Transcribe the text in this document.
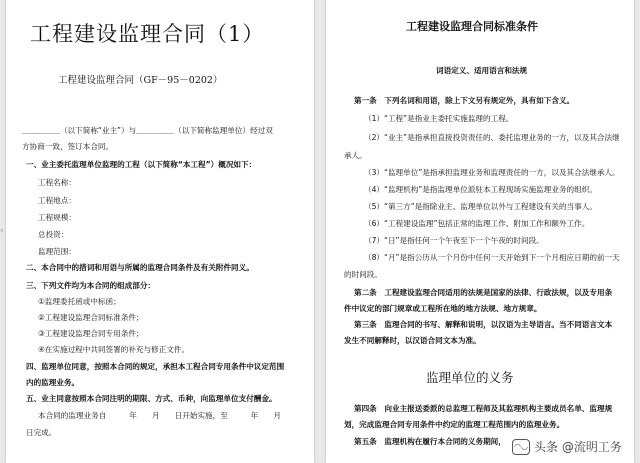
‹
工程建设监理合同（1）
工程建设监理合同（GF－95－0202）
＿＿＿＿＿（以下简称“业主”）与＿＿＿＿＿（以下简称监理单位）经过双
方协商一致，签订本合同。
一、业主委托监理单位监理的工程（以下简称“本工程”）概况如下：
工程名称：
工程地点：
工程规模：
总投资：
监理范围：
二、本合同中的措词和用语与所属的监理合同条件及有关附件同义。
三、下列文件均为本合同的组成部分：
①监理委托函或中标函；
②工程建设监理合同标准条件；
③工程建设监理合同专用条件；
④在实施过程中共同签署的补充与修正文件。
四、监理单位同意，按照本合同的规定，承担本工程合同专用条件中议定范围
内的监理业务。
五、业主同意按照本合同注明的期限、方式、币种，向监理单位支付酬金。
本合同的监理业务自　　　年　　月　　日开始实施，至　　　年　　月
日完成。
工程建设监理合同标准条件
词语定义、适用语言和法规
第一条　下列名词和用语，除上下文另有规定外，具有如下含义。
（1）“工程”是指业主委托实施监理的工程。
（2）“业主”是指承担直接投资责任的、委托监理业务的一方，以及其合法继
承人。
（3）“监理单位”是指承担监理业务和监理责任的一方，以及其合法继承人。
（4）“监理机构”是指监理单位派驻本工程现场实施监理业务的组织。
（5）“第三方”是指除业主、监理单位以外与工程建设有关的当事人。
（6）“工程建设监理”包括正常的监理工作、附加工作和额外工作。
（7）“日”是指任何一个午夜至下一个午夜的时间段。
（8）“月”是指公历从一个月份中任何一天开始到下一个月相应日期的前一天
的时间段。
第二条　工程建设监理合同适用的法规是国家的法律、行政法规，以及专用条
件中议定的部门规章或工程所在地的地方法规、地方规章。
第三条　监理合同的书写、解释和说明，以汉语为主导语言。当不同语言文本
发生不同解释时，以汉语合同文本为准。
监理单位的义务
第四条　向业主报送委派的总监理工程师及其监理机构主要成员名单、监理规
划，完成监理合同专用条件中约定的监理工程范围内的监理业务。
第五条　监理机构在履行本合同的义务期间，
◠◡ 头条 @流明工务
